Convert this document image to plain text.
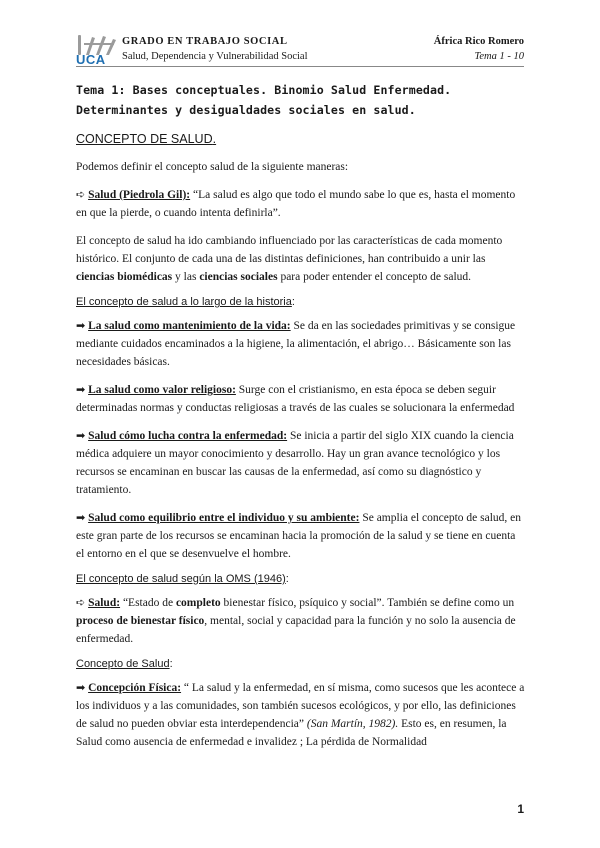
UCA
GRADO EN TRABAJO SOCIAL
Salud, Dependencia y Vulnerabilidad Social
África Rico Romero
Tema 1 - 10
Tema 1: Bases conceptuales. Binomio Salud Enfermedad. Determinantes y desigualdades sociales en salud.
CONCEPTO DE SALUD.

Podemos definir el concepto salud de la siguiente maneras:

➪ Salud (Piedrola Gil): “La salud es algo que todo el mundo sabe lo que es, hasta el momento en que la pierde, o cuando intenta definirla”.

El concepto de salud ha ido cambiando influenciado por las características de cada momento histórico. El conjunto de cada una de las distintas definiciones, han contribuido a unir las ciencias biomédicas y las ciencias sociales para poder entender el concepto de salud.

El concepto de salud a lo largo de la historia:

➡ La salud como mantenimiento de la vida: Se da en las sociedades primitivas y se consigue mediante cuidados encaminados a la higiene, la alimentación, el abrigo… Básicamente son las necesidades básicas.

➡ La salud como valor religioso: Surge con el cristianismo, en esta época se deben seguir determinadas normas y conductas religiosas a través de las cuales se solucionara la enfermedad

➡ Salud cómo lucha contra la enfermedad: Se inicia a partir del siglo XIX cuando la ciencia médica adquiere un mayor conocimiento y desarrollo. Hay un gran avance tecnológico y los recursos se encaminan en buscar las causas de la enfermedad, así como su diagnóstico y tratamiento.

➡ Salud como equilibrio entre el individuo y su ambiente: Se amplia el concepto de salud, en este gran parte de los recursos se encaminan hacia la promoción de la salud y se tiene en cuenta el entorno en el que se desenvuelve el hombre.

El concepto de salud según la OMS (1946):

➪ Salud: “Estado de completo bienestar físico, psíquico y social”. También se define como un proceso de bienestar físico, mental, social y capacidad para la función y no solo la ausencia de enfermedad.

Concepto de Salud:

➡ Concepción Física: “ La salud y la enfermedad, en sí misma, como sucesos que les acontece a los individuos y a las comunidades, son también sucesos ecológicos, y por ello, las definiciones de salud no pueden obviar esta interdependencia” (San Martín, 1982). Esto es, en resumen, la Salud como ausencia de enfermedad e invalidez ; La pérdida de Normalidad

1
